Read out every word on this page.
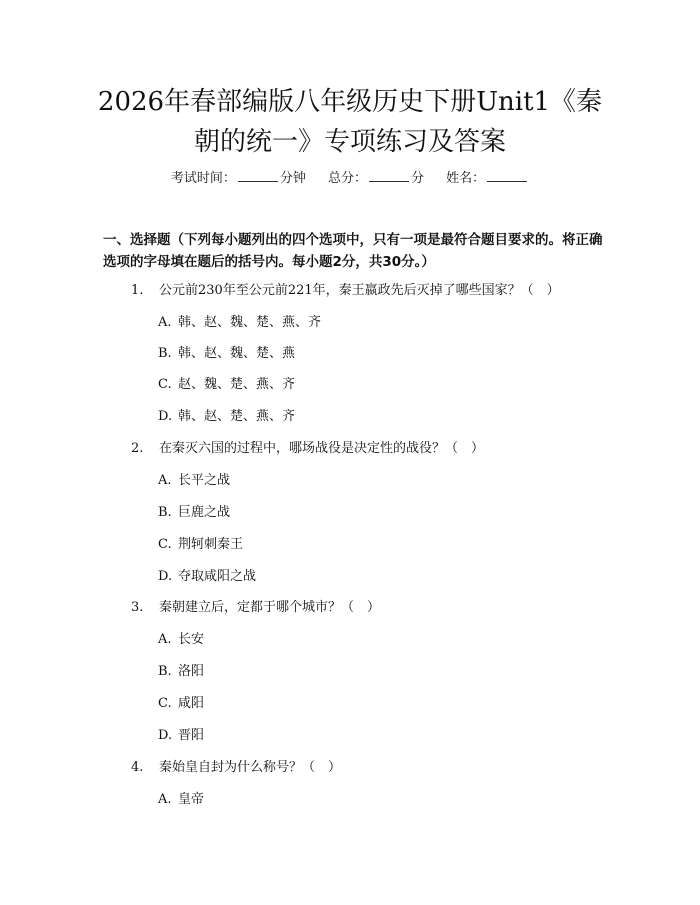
2026年春部编版八年级历史下册Unit1《秦朝的统一》专项练习及答案
考试时间：	分钟 总分：	分 姓名：

一、选择题（下列每小题列出的四个选项中，只有一项是最符合题目要求的。将正确选项的字母填在题后的括号内。每小题2分，共30分。）

1. 公元前230年至公元前221年，秦王嬴政先后灭掉了哪些国家？（　）
A. 韩、赵、魏、楚、燕、齐
B. 韩、赵、魏、楚、燕
C. 赵、魏、楚、燕、齐
D. 韩、赵、楚、燕、齐
2. 在秦灭六国的过程中，哪场战役是决定性的战役？（　）
A. 长平之战
B. 巨鹿之战
C. 荆轲刺秦王
D. 夺取咸阳之战
3. 秦朝建立后，定都于哪个城市？（　）
A. 长安
B. 洛阳
C. 咸阳
D. 晋阳
4. 秦始皇自封为什么称号？（　）
A. 皇帝
